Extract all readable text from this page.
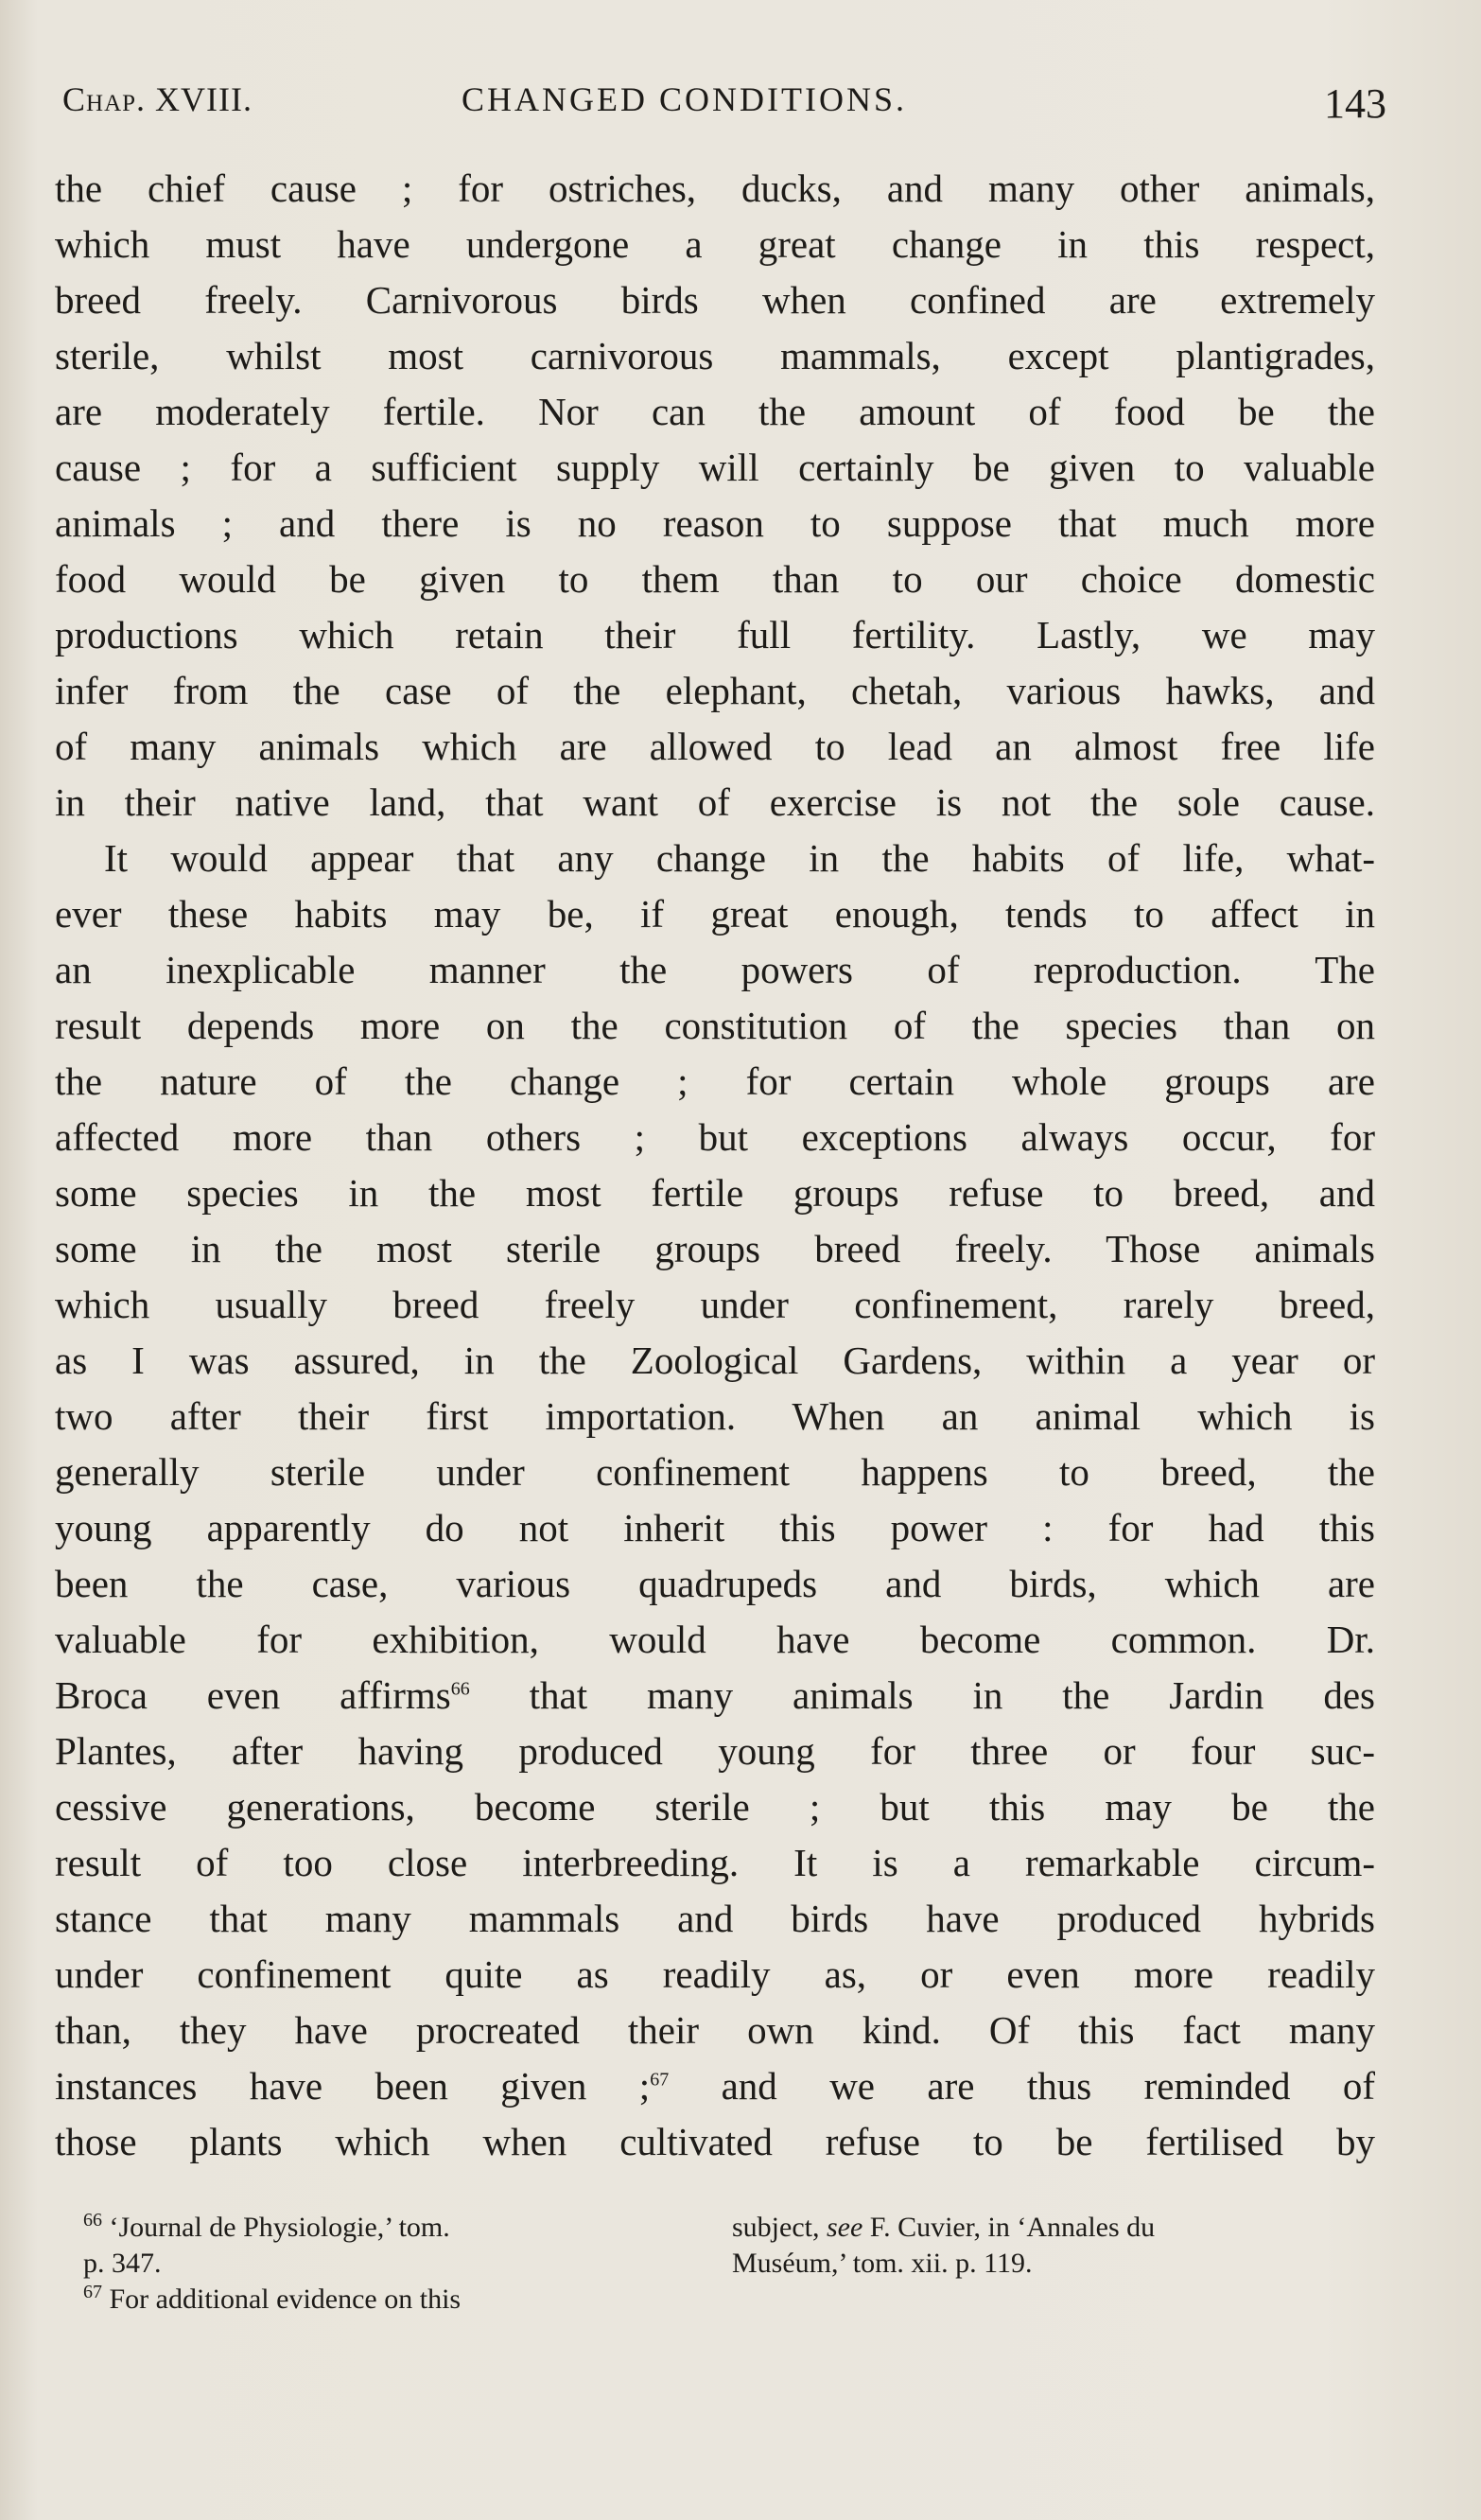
Chap. XVIII.	CHANGED CONDITIONS.	143
the chief cause ; for ostriches, ducks, and many other animals,
which must have undergone a great change in this respect,
breed freely. Carnivorous birds when confined are extremely
sterile, whilst most carnivorous mammals, except plantigrades,
are moderately fertile. Nor can the amount of food be the
cause ; for a sufficient supply will certainly be given to valuable
animals ; and there is no reason to suppose that much more
food would be given to them than to our choice domestic
productions which retain their full fertility. Lastly, we may
infer from the case of the elephant, chetah, various hawks, and
of many animals which are allowed to lead an almost free life
in their native land, that want of exercise is not the sole cause.
It would appear that any change in the habits of life, what-
ever these habits may be, if great enough, tends to affect in
an inexplicable manner the powers of reproduction. The
result depends more on the constitution of the species than on
the nature of the change ; for certain whole groups are
affected more than others ; but exceptions always occur, for
some species in the most fertile groups refuse to breed, and
some in the most sterile groups breed freely. Those animals
which usually breed freely under confinement, rarely breed,
as I was assured, in the Zoological Gardens, within a year or
two after their first importation. When an animal which is
generally sterile under confinement happens to breed, the
young apparently do not inherit this power : for had this
been the case, various quadrupeds and birds, which are
valuable for exhibition, would have become common. Dr.
Broca even affirms$^{66}$ that many animals in the Jardin des
Plantes, after having produced young for three or four suc-
cessive generations, become sterile ; but this may be the
result of too close interbreeding. It is a remarkable circum-
stance that many mammals and birds have produced hybrids
under confinement quite as readily as, or even more readily
than, they have procreated their own kind. Of this fact many
instances have been given ;$^{67}$ and we are thus reminded of
those plants which when cultivated refuse to be fertilised by
$^{66}$ ‘Journal de Physiologie,’ tom.
p. 347.
$^{67}$ For additional evidence on this
subject, see F. Cuvier, in ‘Annales du
Muséum,’ tom. xii. p. 119.
